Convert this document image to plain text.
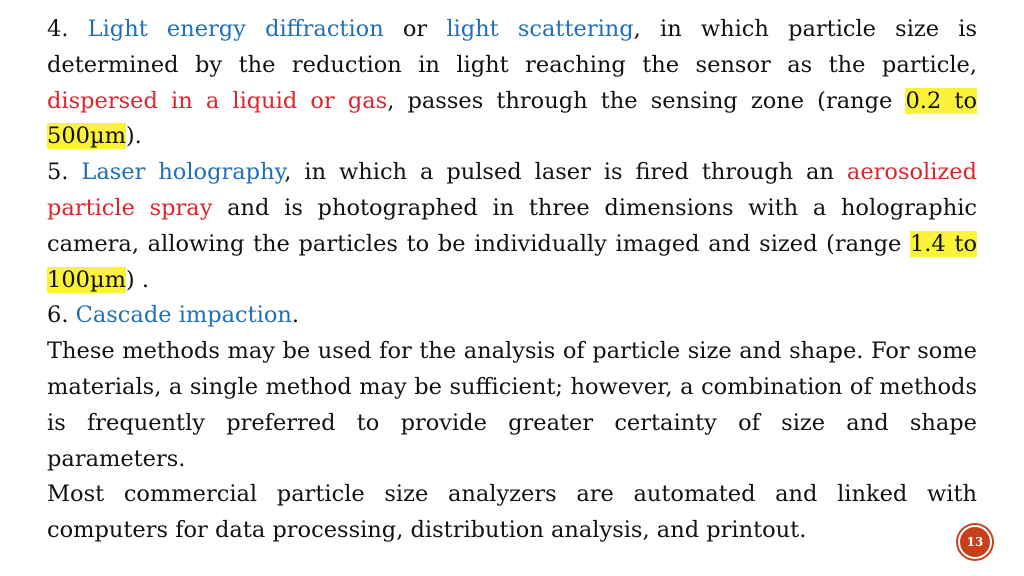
4. Light energy diffraction or light scattering, in which particle size is determined by the reduction in light reaching the sensor as the particle, dispersed in a liquid or gas, passes through the sensing zone (range 0.2 to 500µm).

5. Laser holography, in which a pulsed laser is fired through an aerosolized particle spray and is photographed in three dimensions with a holographic camera, allowing the particles to be individually imaged and sized (range 1.4 to 100µm) .

6. Cascade impaction.

These methods may be used for the analysis of particle size and shape. For some materials, a single method may be sufficient; however, a combination of methods is frequently preferred to provide greater certainty of size and shape parameters.

Most commercial particle size analyzers are automated and linked with computers for data processing, distribution analysis, and printout.	13
